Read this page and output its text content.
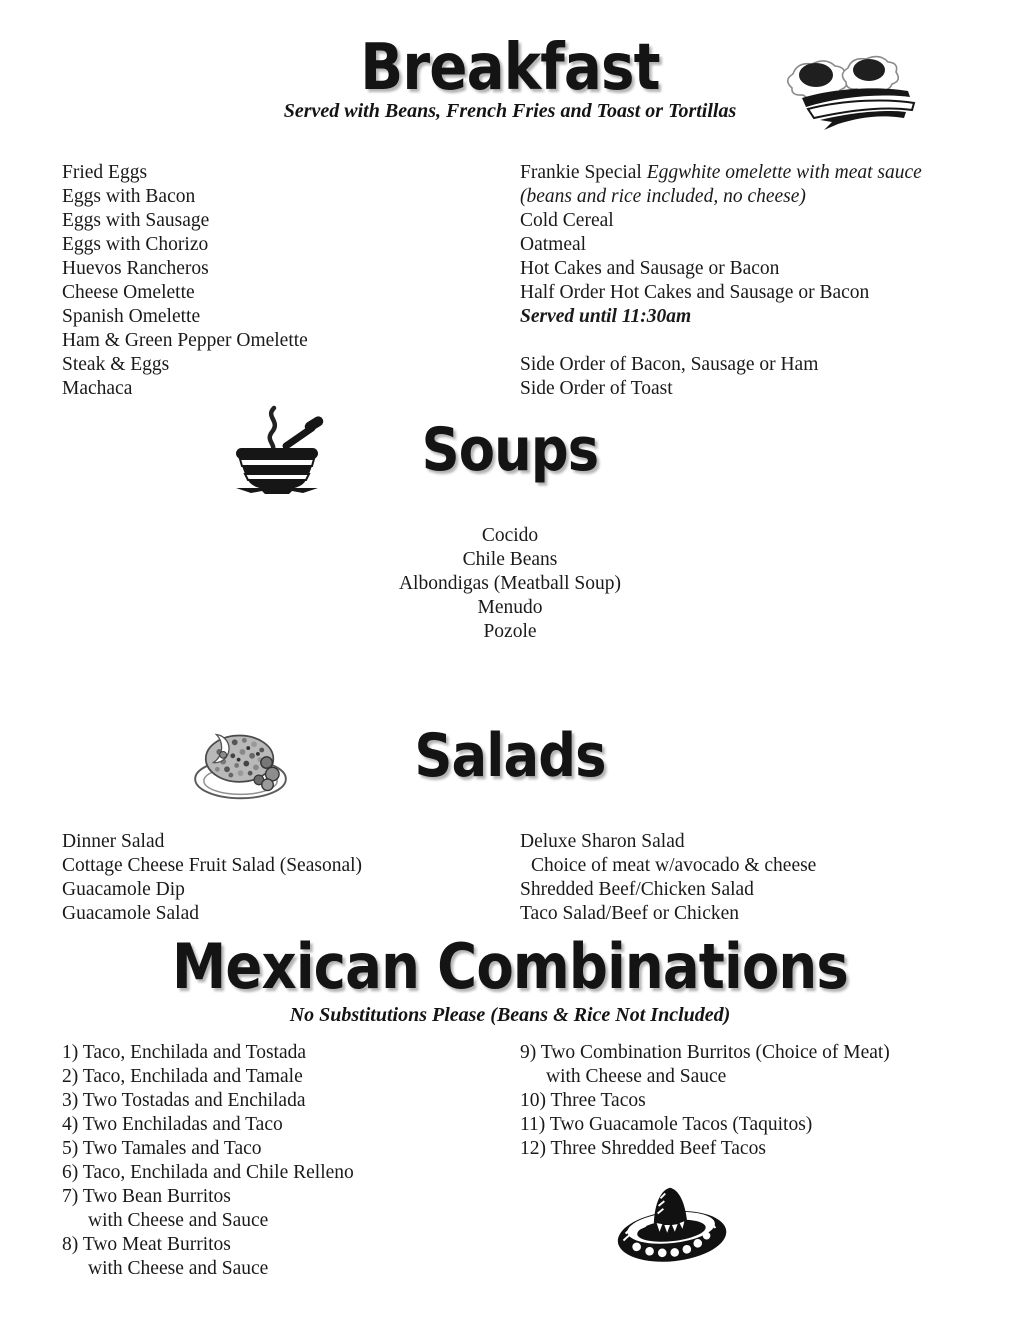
Breakfast
Served with Beans, French Fries and Toast or Tortillas
Fried Eggs
Eggs with Bacon
Eggs with Sausage
Eggs with Chorizo
Huevos Rancheros
Cheese Omelette
Spanish Omelette
Ham & Green Pepper Omelette
Steak & Eggs
Machaca
Frankie Special Eggwhite omelette with meat sauce
(beans and rice included, no cheese)
Cold Cereal
Oatmeal
Hot Cakes and Sausage or Bacon
Half Order Hot Cakes and Sausage or Bacon
Served until 11:30am

Side Order of Bacon, Sausage or Ham
Side Order of Toast
Soups
Cocido
Chile Beans
Albondigas (Meatball Soup)
Menudo
Pozole
Salads
Dinner Salad
Cottage Cheese Fruit Salad (Seasonal)
Guacamole Dip
Guacamole Salad
Deluxe Sharon Salad
Choice of meat w/avocado & cheese
Shredded Beef/Chicken Salad
Taco Salad/Beef or Chicken
Mexican Combinations
No Substitutions Please (Beans & Rice Not Included)
1) Taco, Enchilada and Tostada
2) Taco, Enchilada and Tamale
3) Two Tostadas and Enchilada
4) Two Enchiladas and Taco
5) Two Tamales and Taco
6) Taco, Enchilada and Chile Relleno
7) Two Bean Burritos
with Cheese and Sauce
8) Two Meat Burritos
with Cheese and Sauce
9) Two Combination Burritos (Choice of Meat)
with Cheese and Sauce
10) Three Tacos
11) Two Guacamole Tacos (Taquitos)
12) Three Shredded Beef Tacos
